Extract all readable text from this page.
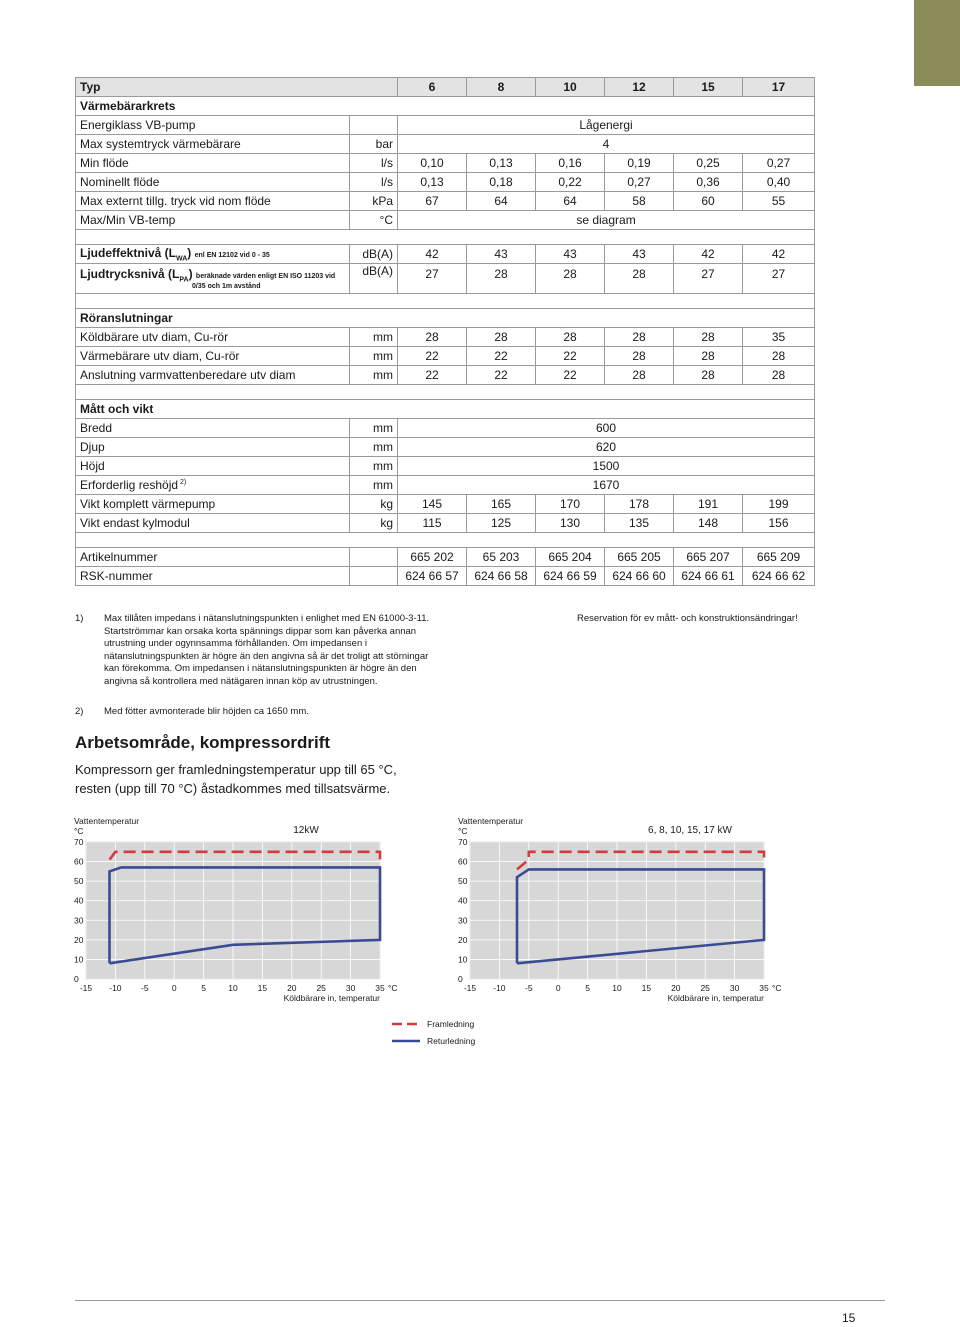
Typ		6	8	10	12	15	17
Värmebärarkrets							
Energiklass VB-pump		Lågenergi					
Max systemtryck värmebärare	bar	4					
Min flöde	l/s	0,10	0,13	0,16	0,19	0,25	0,27
Nominellt flöde	l/s	0,13	0,18	0,22	0,27	0,36	0,40
Max externt tillg. tryck vid nom flöde	kPa	67	64	64	58	60	55
Max/Min VB-temp	°C	se diagram					

Ljudeffektnivå $(L_{WA})$ enl EN 12102 vid 0 - 35	dB(A)	42	43	43	43	42	42
Ljudtrycksnivå $(L_{PA})$ beräknade värden enligt EN ISO 11203 vid
0/35 och 1m avstånd	dB(A)	27	28	28	28	27	27

Röranslutningar							
Köldbärare utv diam, Cu-rör	mm	28	28	28	28	28	35
Värmebärare utv diam, Cu-rör	mm	22	22	22	28	28	28
Anslutning varmvattenberedare utv diam	mm	22	22	22	28	28	28

Mått och vikt							
Bredd	mm	600					
Djup	mm	620					
Höjd	mm	1500					
Erforderlig reshöjd $^{2)}$	mm	1670					
Vikt komplett värmepump	kg	145	165	170	178	191	199
Vikt endast kylmodul	kg	115	125	130	135	148	156

Artikelnummer		665 202	65 203	665 204	665 205	665 207	665 209
RSK-nummer		624 66 57	624 66 58	624 66 59	624 66 60	624 66 61	624 66 62
1) Max tillåten impedans i nätanslutningspunkten i enlighet med EN 61000-3-11. Startströmmar kan orsaka korta spännings dippar som kan påverka annan utrustning under ogynnsamma förhållanden. Om impedansen i nätanslutningspunkten är högre än den angivna så är det troligt att störningar kan förekomma. Om impedansen i nätanslutningspunkten är högre än den angivna så kontrollera med nätägaren innan köp av utrustningen.
2) Med fötter avmonterade blir höjden ca 1650 mm.
Reservation för ev mått- och konstruktionsändringar!
Arbetsområde, kompressordrift

Kompressorn ger framledningstemperatur upp till 65 °C, resten (upp till 70 °C) åstadkommes med tillsatsvärme.

-15 -10 -5	0	5	10 15 20 25 30 35
0
10
20
30
40
50
60
70
Vattentemperatur
°C
°C
Köldbärare in, temperatur
12kW
-15 -10 -5	0	5	10 15 20 25 30 35
0
10
20
30
40
50
60
70
Vattentemperatur
°C
°C
Köldbärare in, temperatur
6, 8, 10, 15, 17 kW
Framledning
Returledning
15
